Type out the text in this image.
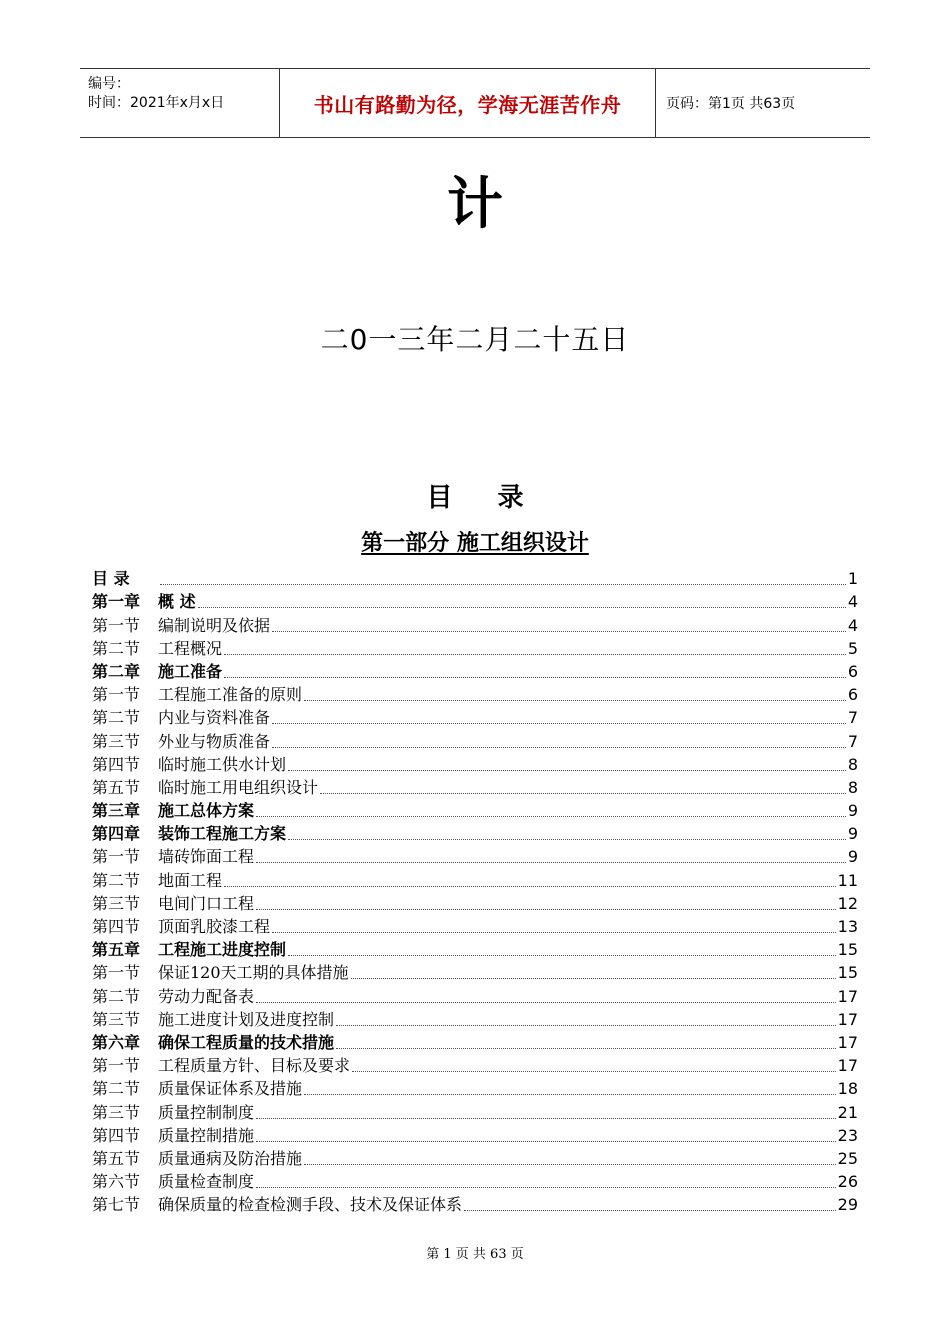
编号：
时间：2021年x月x日	书山有路勤为径，学海无涯苦作舟	页码：第1页 共63页
计
二0一三年二月二十五日
目 录
第一部分 施工组织设计
目 录	1
第一章 概 述	4
第一节 编制说明及依据	4
第二节 工程概况	5
第二章 施工准备	6
第一节 工程施工准备的原则	6
第二节 内业与资料准备	7
第三节 外业与物质准备	7
第四节 临时施工供水计划	8
第五节 临时施工用电组织设计	8
第三章 施工总体方案	9
第四章 装饰工程施工方案	9
第一节 墙砖饰面工程	9
第二节 地面工程	11
第三节 电间门口工程	12
第四节 顶面乳胶漆工程	13
第五章 工程施工进度控制	15
第一节 保证120天工期的具体措施	15
第二节 劳动力配备表	17
第三节 施工进度计划及进度控制	17
第六章 确保工程质量的技术措施	17
第一节 工程质量方针、目标及要求	17
第二节 质量保证体系及措施	18
第三节 质量控制制度	21
第四节 质量控制措施	23
第五节 质量通病及防治措施	25
第六节 质量检查制度	26
第七节 确保质量的检查检测手段、技术及保证体系	29
第 1 页 共 63 页
